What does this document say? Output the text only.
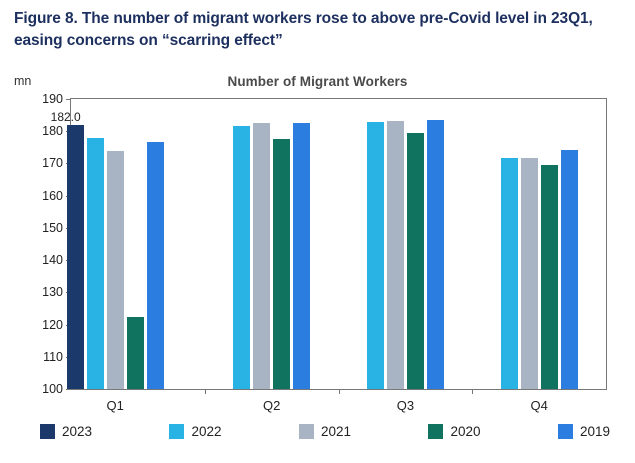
Figure 8. The number of migrant workers rose to above pre-Covid level in 23Q1, easing concerns on “scarring effect”
mn	Number of Migrant Workers
100
110
120
130
140
150
160
170
180
190
182.0
Q1	Q2	Q3	Q4
2023	2022	2021	2020	2019
